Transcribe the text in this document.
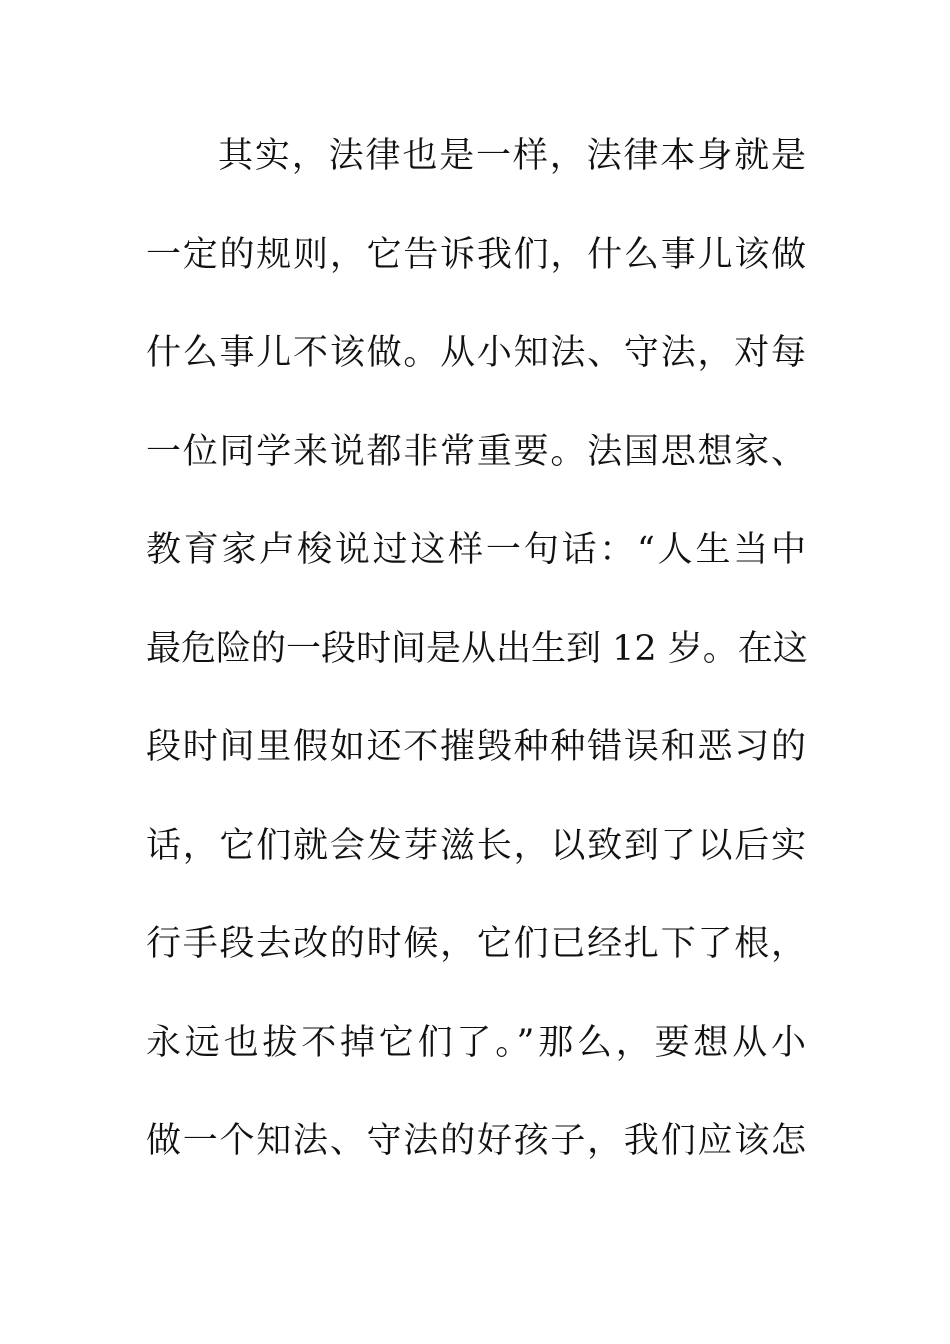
其实，法律也是一样，法律本身就是
一定的规则，它告诉我们，什么事儿该做
什么事儿不该做。从小知法、守法，对每
一位同学来说都非常重要。法国思想家、
教育家卢梭说过这样一句话：“人生当中
最危险的一段时间是从出生到 12 岁。在这
段时间里假如还不摧毁种种错误和恶习的
话，它们就会发芽滋长，以致到了以后实
行手段去改的时候，它们已经扎下了根，
永远也拔不掉它们了。”那么，要想从小
做一个知法、守法的好孩子，我们应该怎
